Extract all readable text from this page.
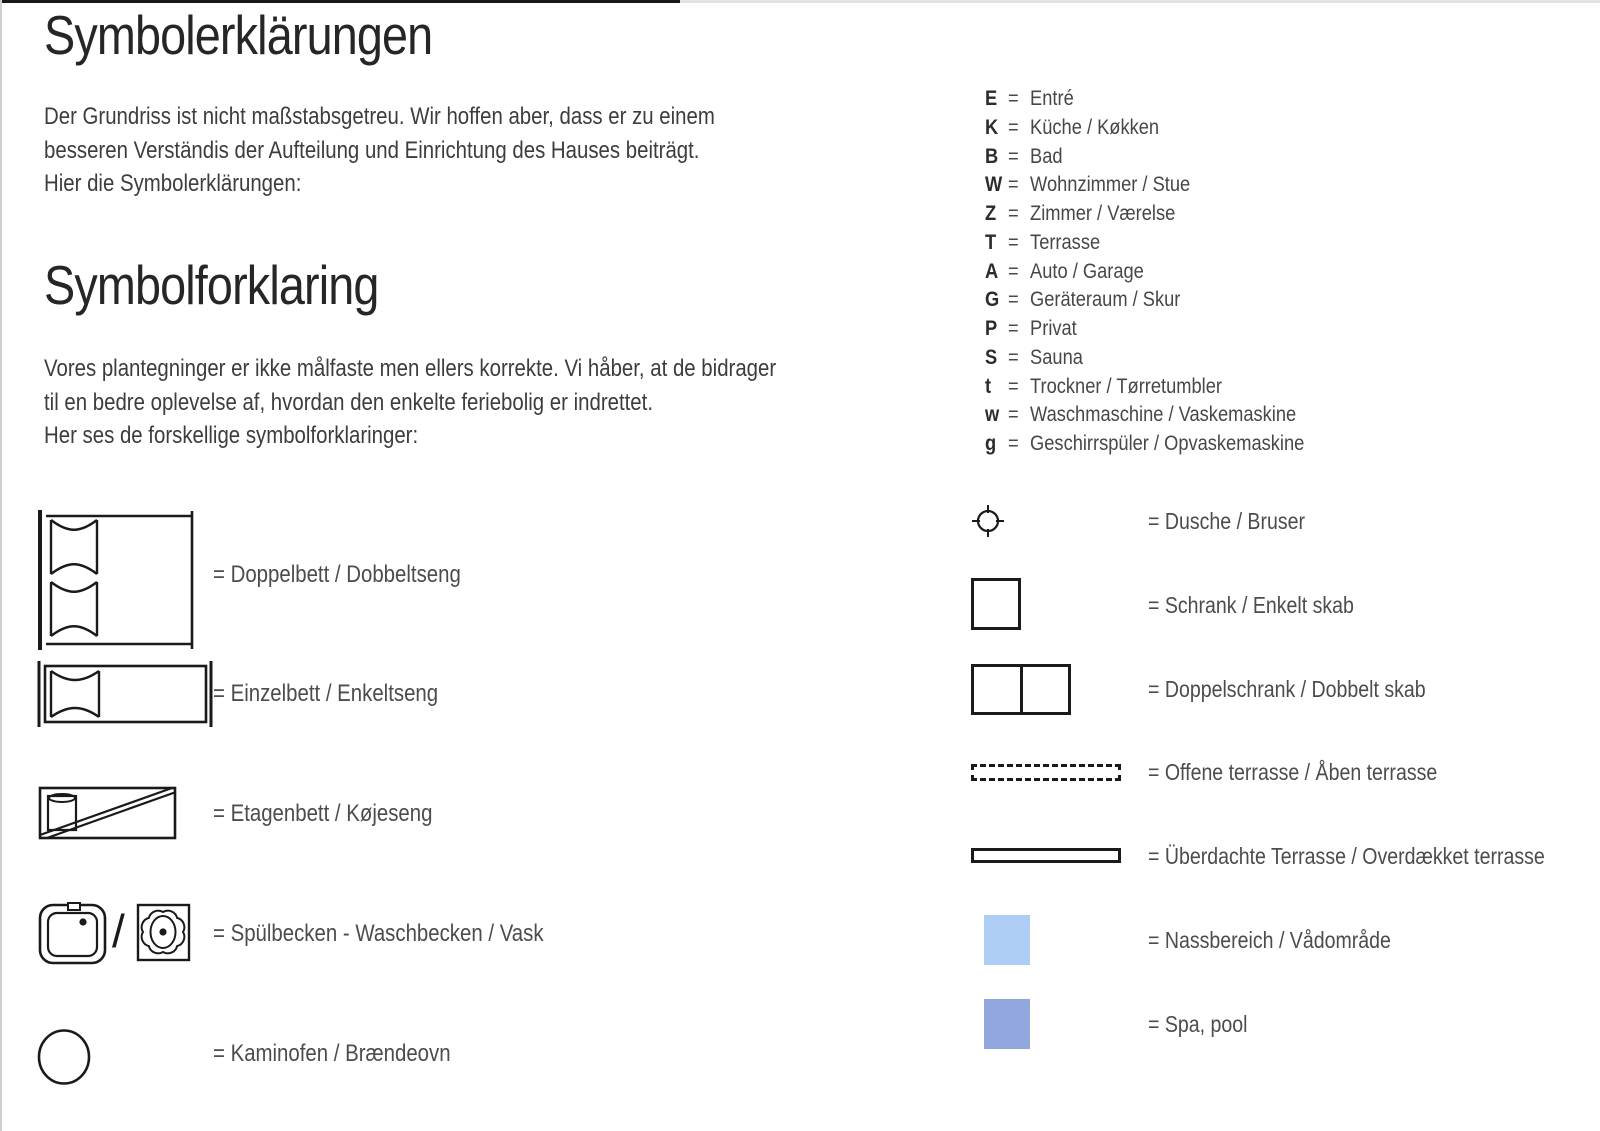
Symbolerklärungen
Der Grundriss ist nicht maßstabsgetreu. Wir hoffen aber, dass er zu einem
besseren Verständis der Aufteilung und Einrichtung des Hauses beiträgt.
Hier die Symbolerklärungen:
Symbolforklaring
Vores plantegninger er ikke målfaste men ellers korrekte. Vi håber, at de bidrager
til en bedre oplevelse af, hvordan den enkelte feriebolig er indrettet.
Her ses de forskellige symbolforklaringer:
= Doppelbett / Dobbeltseng
= Einzelbett / Enkeltseng
= Etagenbett / Køjeseng
/	= Spülbecken - Waschbecken / Vask
= Kaminofen / Brændeovn
E = Entré
K = Küche / Køkken
B = Bad
W = Wohnzimmer / Stue
Z = Zimmer / Værelse
T = Terrasse
A = Auto / Garage
G = Geräteraum / Skur
P = Privat
S = Sauna
t = Trockner / Tørretumbler
w = Waschmaschine / Vaskemaskine
g = Geschirrspüler / Opvaskemaskine
= Dusche / Bruser
= Schrank / Enkelt skab
= Doppelschrank / Dobbelt skab
= Offene terrasse / Åben terrasse
= Überdachte Terrasse / Overdækket terrasse
= Nassbereich / Vådområde
= Spa, pool
